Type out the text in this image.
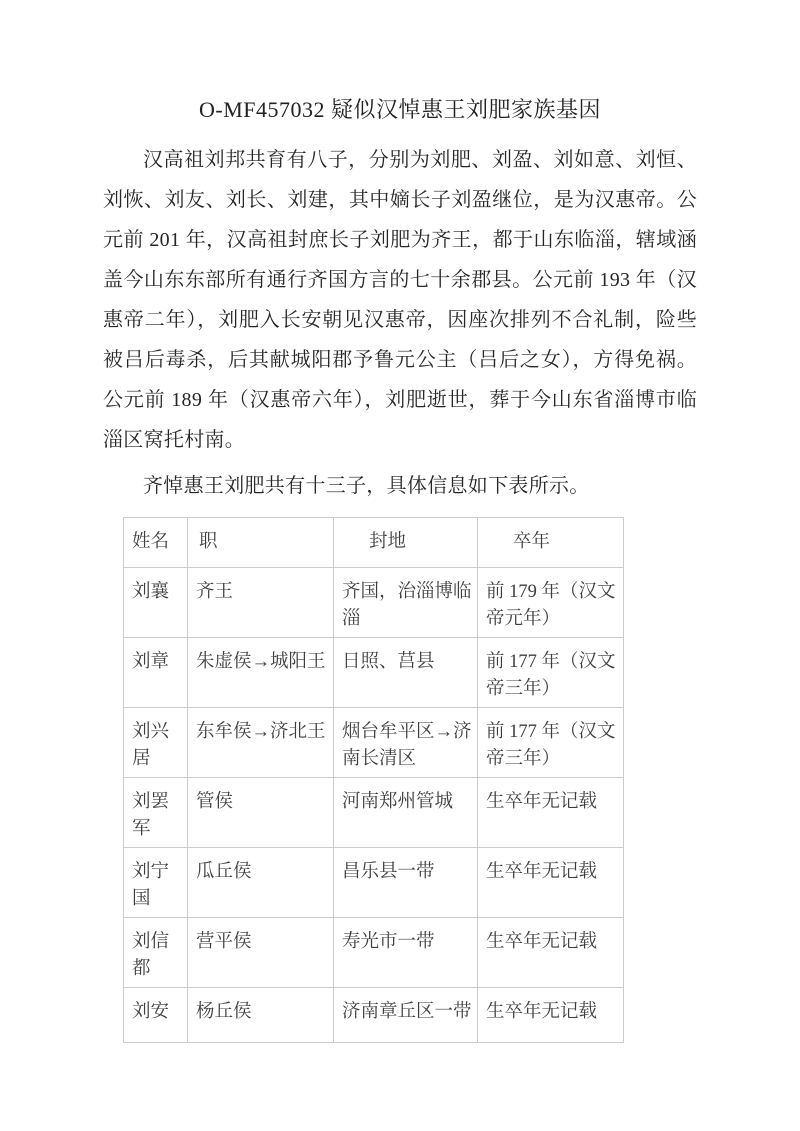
O-MF457032 疑似汉悼惠王刘肥家族基因

汉高祖刘邦共育有八子，分别为刘肥、刘盈、刘如意、刘恒、刘恢、刘友、刘长、刘建，其中嫡长子刘盈继位，是为汉惠帝。公元前 201 年，汉高祖封庶长子刘肥为齐王，都于山东临淄，辖域涵盖今山东东部所有通行齐国方言的七十余郡县。公元前 193 年（汉惠帝二年），刘肥入长安朝见汉惠帝，因座次排列不合礼制，险些被吕后毒杀，后其献城阳郡予鲁元公主（吕后之女），方得免祸。公元前 189 年（汉惠帝六年），刘肥逝世，葬于今山东省淄博市临淄区窝托村南。

齐悼惠王刘肥共有十三子，具体信息如下表所示。

姓名	职	封地	卒年
刘襄	齐王	齐国，治淄博临淄	前 179 年（汉文帝元年）
刘章	朱虚侯→城阳王	日照、莒县	前 177 年（汉文帝三年）
刘兴居	东牟侯→济北王	烟台牟平区→济南长清区	前 177 年（汉文帝三年）
刘罢军	管侯	河南郑州管城	生卒年无记载
刘宁国	瓜丘侯	昌乐县一带	生卒年无记载
刘信都	营平侯	寿光市一带	生卒年无记载
刘安	杨丘侯	济南章丘区一带	生卒年无记载
